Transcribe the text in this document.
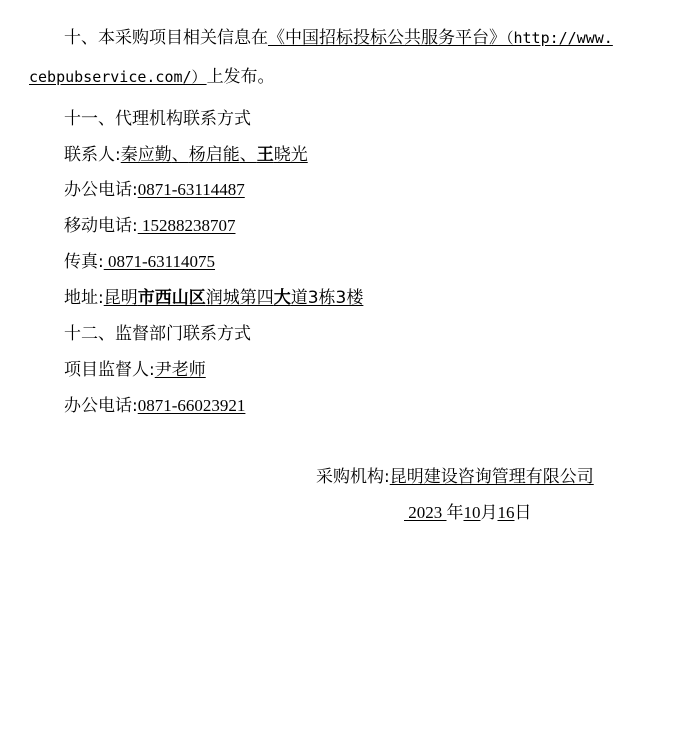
十、本采购项目相关信息在《中国招标投标公共服务平台》（http://www.
cebpubservice.com/）上发布。
十一、代理机构联系方式
联系人:秦应勤、杨启能、王晓光
办公电话:0871-63114487
移动电话: 15288238707
传真: 0871-63114075
地址:昆明市西山区润城第四大道3栋3楼
十二、监督部门联系方式
项目监督人:尹老师
办公电话:0871-66023921
采购机构:昆明建设咨询管理有限公司
2023 年10月16日
